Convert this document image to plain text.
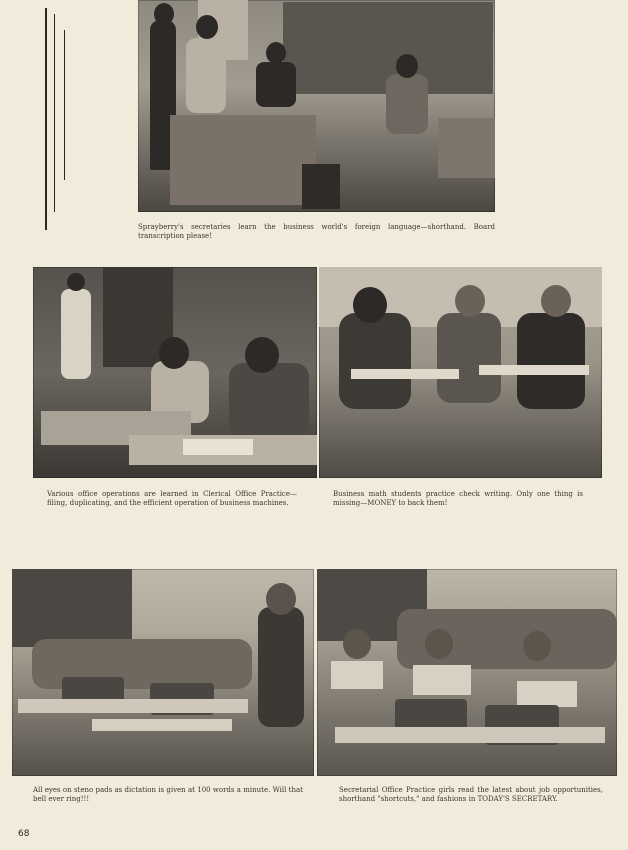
Sprayberry's secretaries learn the business world's foreign language—shorthand. Board transcription please!
Various office operations are learned in Clerical Office Practice—filing, duplicating, and the efficient operation of business machines.
Business math students practice check writing. Only one thing is missing—MONEY to back them!
All eyes on steno pads as dictation is given at 100 words a minute. Will that bell ever ring!!!
Secretarial Office Practice girls read the latest about job opportunities, shorthand "shortcuts," and fashions in TODAY'S SECRETARY.
68
